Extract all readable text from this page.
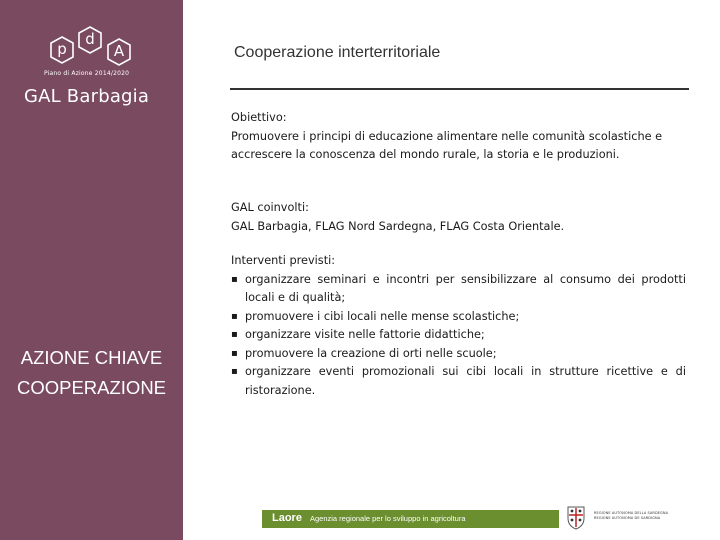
p
d
A
Piano di Azione 2014/2020
GAL Barbagia
AZIONE CHIAVE
COOPERAZIONE
Cooperazione interterritoriale

Obiettivo:

Promuovere i principi di educazione alimentare nelle comunità scolastiche e accrescere la conoscenza del mondo rurale, la storia e le produzioni.

GAL coinvolti:

GAL Barbagia, FLAG Nord Sardegna, FLAG Costa Orientale.

Interventi previsti:

▪ organizzare seminari e incontri per sensibilizzare al consumo dei prodotti locali e di qualità;
▪ promuovere i cibi locali nelle mense scolastiche;
▪ organizzare visite nelle fattorie didattiche;
▪ promuovere la creazione di orti nelle scuole;
▪ organizzare eventi promozionali sui cibi locali in strutture ricettive e di ristorazione.
Laore Agenzia regionale per lo sviluppo in agricoltura
REGIONE AUTONOMA DELLA SARDEGNA REGIONE AUTONOMA DE SARDIGNA
